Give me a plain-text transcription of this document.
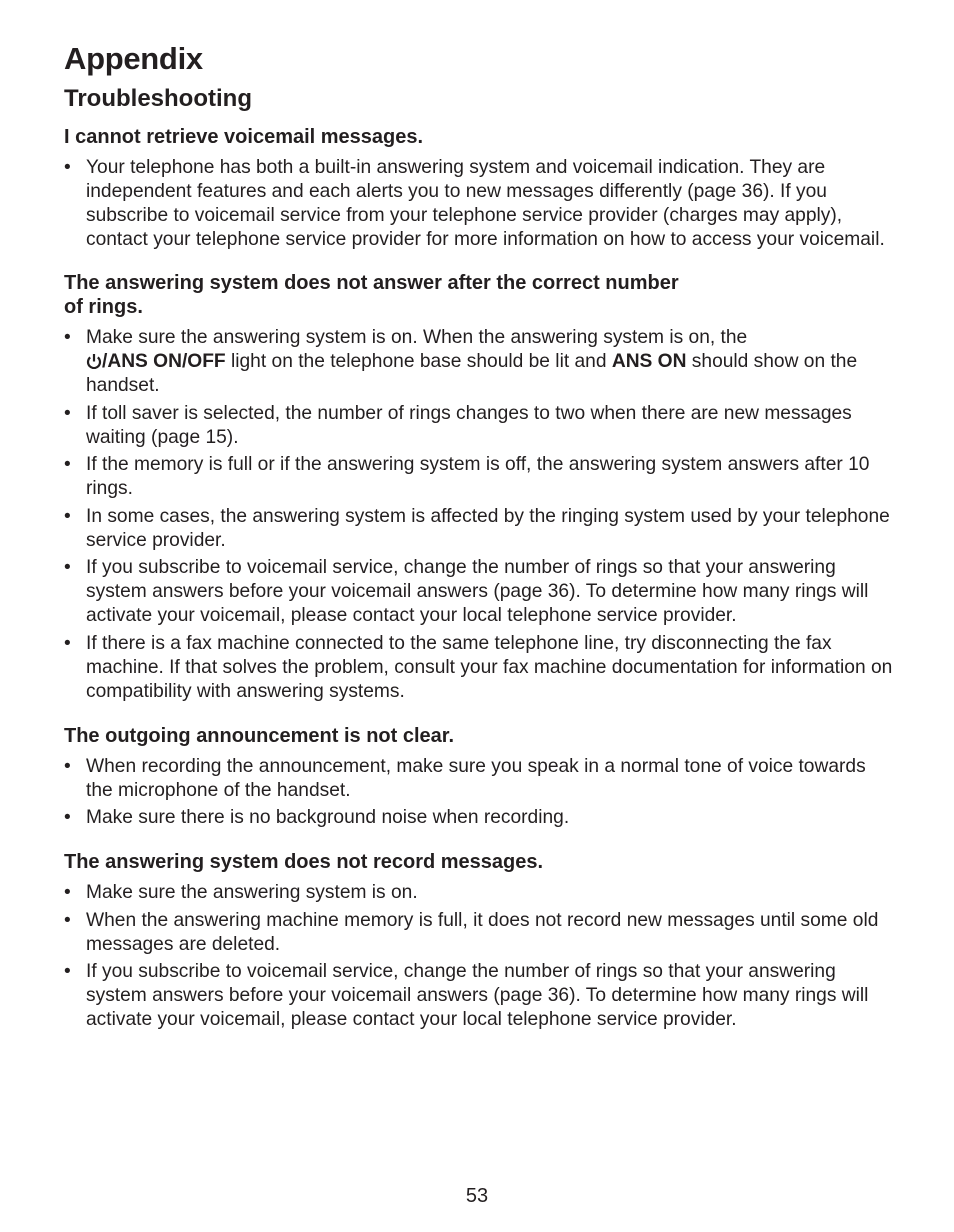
Appendix
Troubleshooting
I cannot retrieve voicemail messages.
• Your telephone has both a built-in answering system and voicemail indication. They are independent features and each alerts you to new messages differently (page 36). If you subscribe to voicemail service from your telephone service provider (charges may apply), contact your telephone service provider for more information on how to access your voicemail.
The answering system does not answer after the correct number
of rings.
• Make sure the answering system is on. When the answering system is on, the
/ANS ON/OFF light on the telephone base should be lit and ANS ON should show on the handset.
• If toll saver is selected, the number of rings changes to two when there are new messages waiting (page 15).
• If the memory is full or if the answering system is off, the answering system answers after 10 rings.
• In some cases, the answering system is affected by the ringing system used by your telephone service provider.
• If you subscribe to voicemail service, change the number of rings so that your answering system answers before your voicemail answers (page 36). To determine how many rings will activate your voicemail, please contact your local telephone service provider.
• If there is a fax machine connected to the same telephone line, try disconnecting the fax machine. If that solves the problem, consult your fax machine documentation for information on compatibility with answering systems.
The outgoing announcement is not clear.
• When recording the announcement, make sure you speak in a normal tone of voice towards the microphone of the handset.
• Make sure there is no background noise when recording.
The answering system does not record messages.
• Make sure the answering system is on.
• When the answering machine memory is full, it does not record new messages until some old messages are deleted.
• If you subscribe to voicemail service, change the number of rings so that your answering system answers before your voicemail answers (page 36). To determine how many rings will activate your voicemail, please contact your local telephone service provider.
53
